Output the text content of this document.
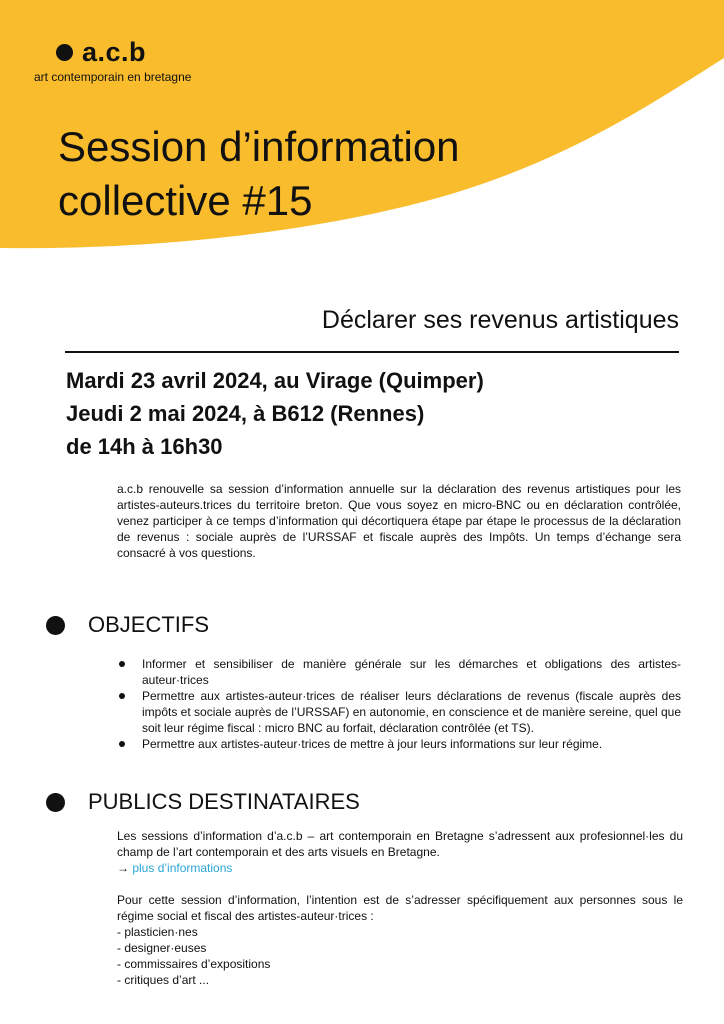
a.c.b
art contemporain en bretagne
Session d’information
collective #15
Déclarer ses revenus artistiques
Mardi 23 avril 2024, au Virage (Quimper)
Jeudi 2 mai 2024, à B612 (Rennes)
de 14h à 16h30

a.c.b renouvelle sa session d’information annuelle sur la déclaration des revenus artistiques pour les artistes-auteurs.trices du territoire breton. Que vous soyez en micro-BNC ou en déclaration contrôlée, venez participer à ce temps d’information qui décortiquera étape par étape le processus de la déclaration de revenus : sociale auprès de l’URSSAF et fiscale auprès des Impôts. Un temps d’échange sera consacré à vos questions.

OBJECTIFS
Informer et sensibiliser de manière générale sur les démarches et obligations des artistes-auteur·trices
Permettre aux artistes-auteur·trices de réaliser leurs déclarations de revenus (fiscale auprès des impôts et sociale auprès de l’URSSAF) en autonomie, en conscience et de manière sereine, quel que soit leur régime fiscal : micro BNC au forfait, déclaration contrôlée (et TS).
Permettre aux artistes-auteur·trices de mettre à jour leurs informations sur leur régime.
PUBLICS DESTINATAIRES

Les sessions d’information d’a.c.b – art contemporain en Bretagne s’adressent aux profesionnel·les du champ de l’art contemporain et des arts visuels en Bretagne.

→ plus d’informations

Pour cette session d’information, l’intention est de s’adresser spécifiquement aux personnes sous le régime social et fiscal des artistes-auteur·trices :

- plasticien·nes
- designer·euses
- commissaires d’expositions
- critiques d’art ...
